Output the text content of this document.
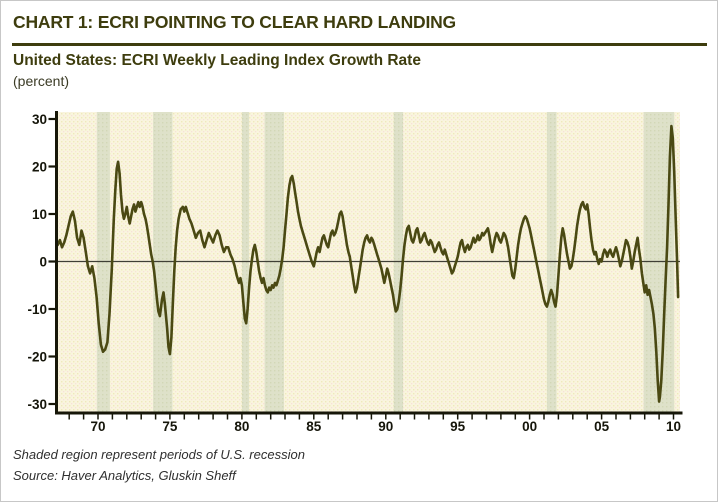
CHART 1: ECRI POINTING TO CLEAR HARD LANDING
United States: ECRI Weekly Leading Index Growth Rate
(percent)
30
20
10
0
-10
-20
-30
70	75	80	85	90	95	00	05	10
Shaded region represent periods of U.S. recession
Source: Haver Analytics, Gluskin Sheff
